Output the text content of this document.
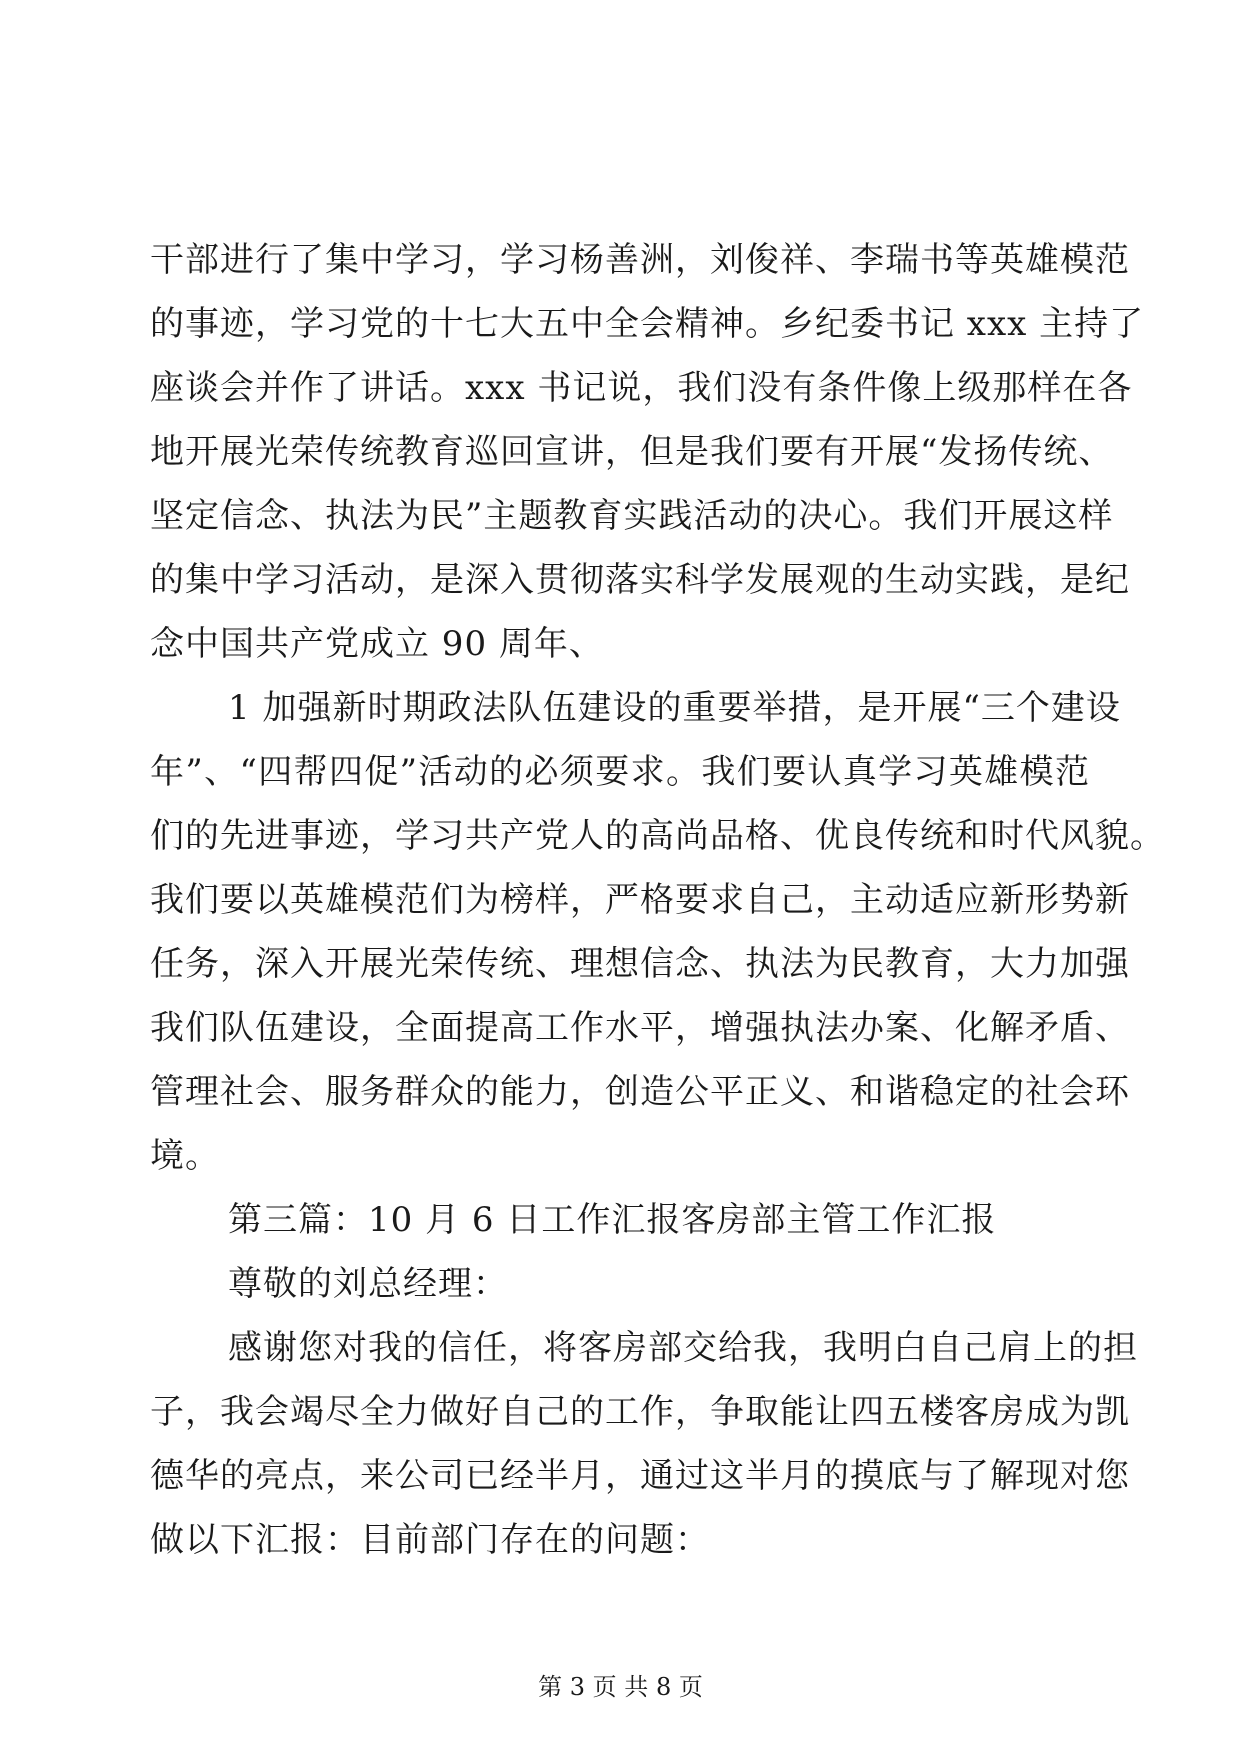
干部进行了集中学习，学习杨善洲，刘俊祥、李瑞书等英雄模范
的事迹，学习党的十七大五中全会精神。乡纪委书记 xxx 主持了
座谈会并作了讲话。xxx 书记说，我们没有条件像上级那样在各
地开展光荣传统教育巡回宣讲，但是我们要有开展“发扬传统、
坚定信念、执法为民”主题教育实践活动的决心。我们开展这样
的集中学习活动，是深入贯彻落实科学发展观的生动实践，是纪
念中国共产党成立 90 周年、
1 加强新时期政法队伍建设的重要举措，是开展“三个建设
年”、“四帮四促”活动的必须要求。我们要认真学习英雄模范
们的先进事迹，学习共产党人的高尚品格、优良传统和时代风貌。
我们要以英雄模范们为榜样，严格要求自己，主动适应新形势新
任务，深入开展光荣传统、理想信念、执法为民教育，大力加强
我们队伍建设，全面提高工作水平，增强执法办案、化解矛盾、
管理社会、服务群众的能力，创造公平正义、和谐稳定的社会环
境。
第三篇：10 月 6 日工作汇报客房部主管工作汇报
尊敬的刘总经理：
感谢您对我的信任，将客房部交给我，我明白自己肩上的担
子，我会竭尽全力做好自己的工作，争取能让四五楼客房成为凯
德华的亮点，来公司已经半月，通过这半月的摸底与了解现对您
做以下汇报：目前部门存在的问题：
第 3 页 共 8 页
